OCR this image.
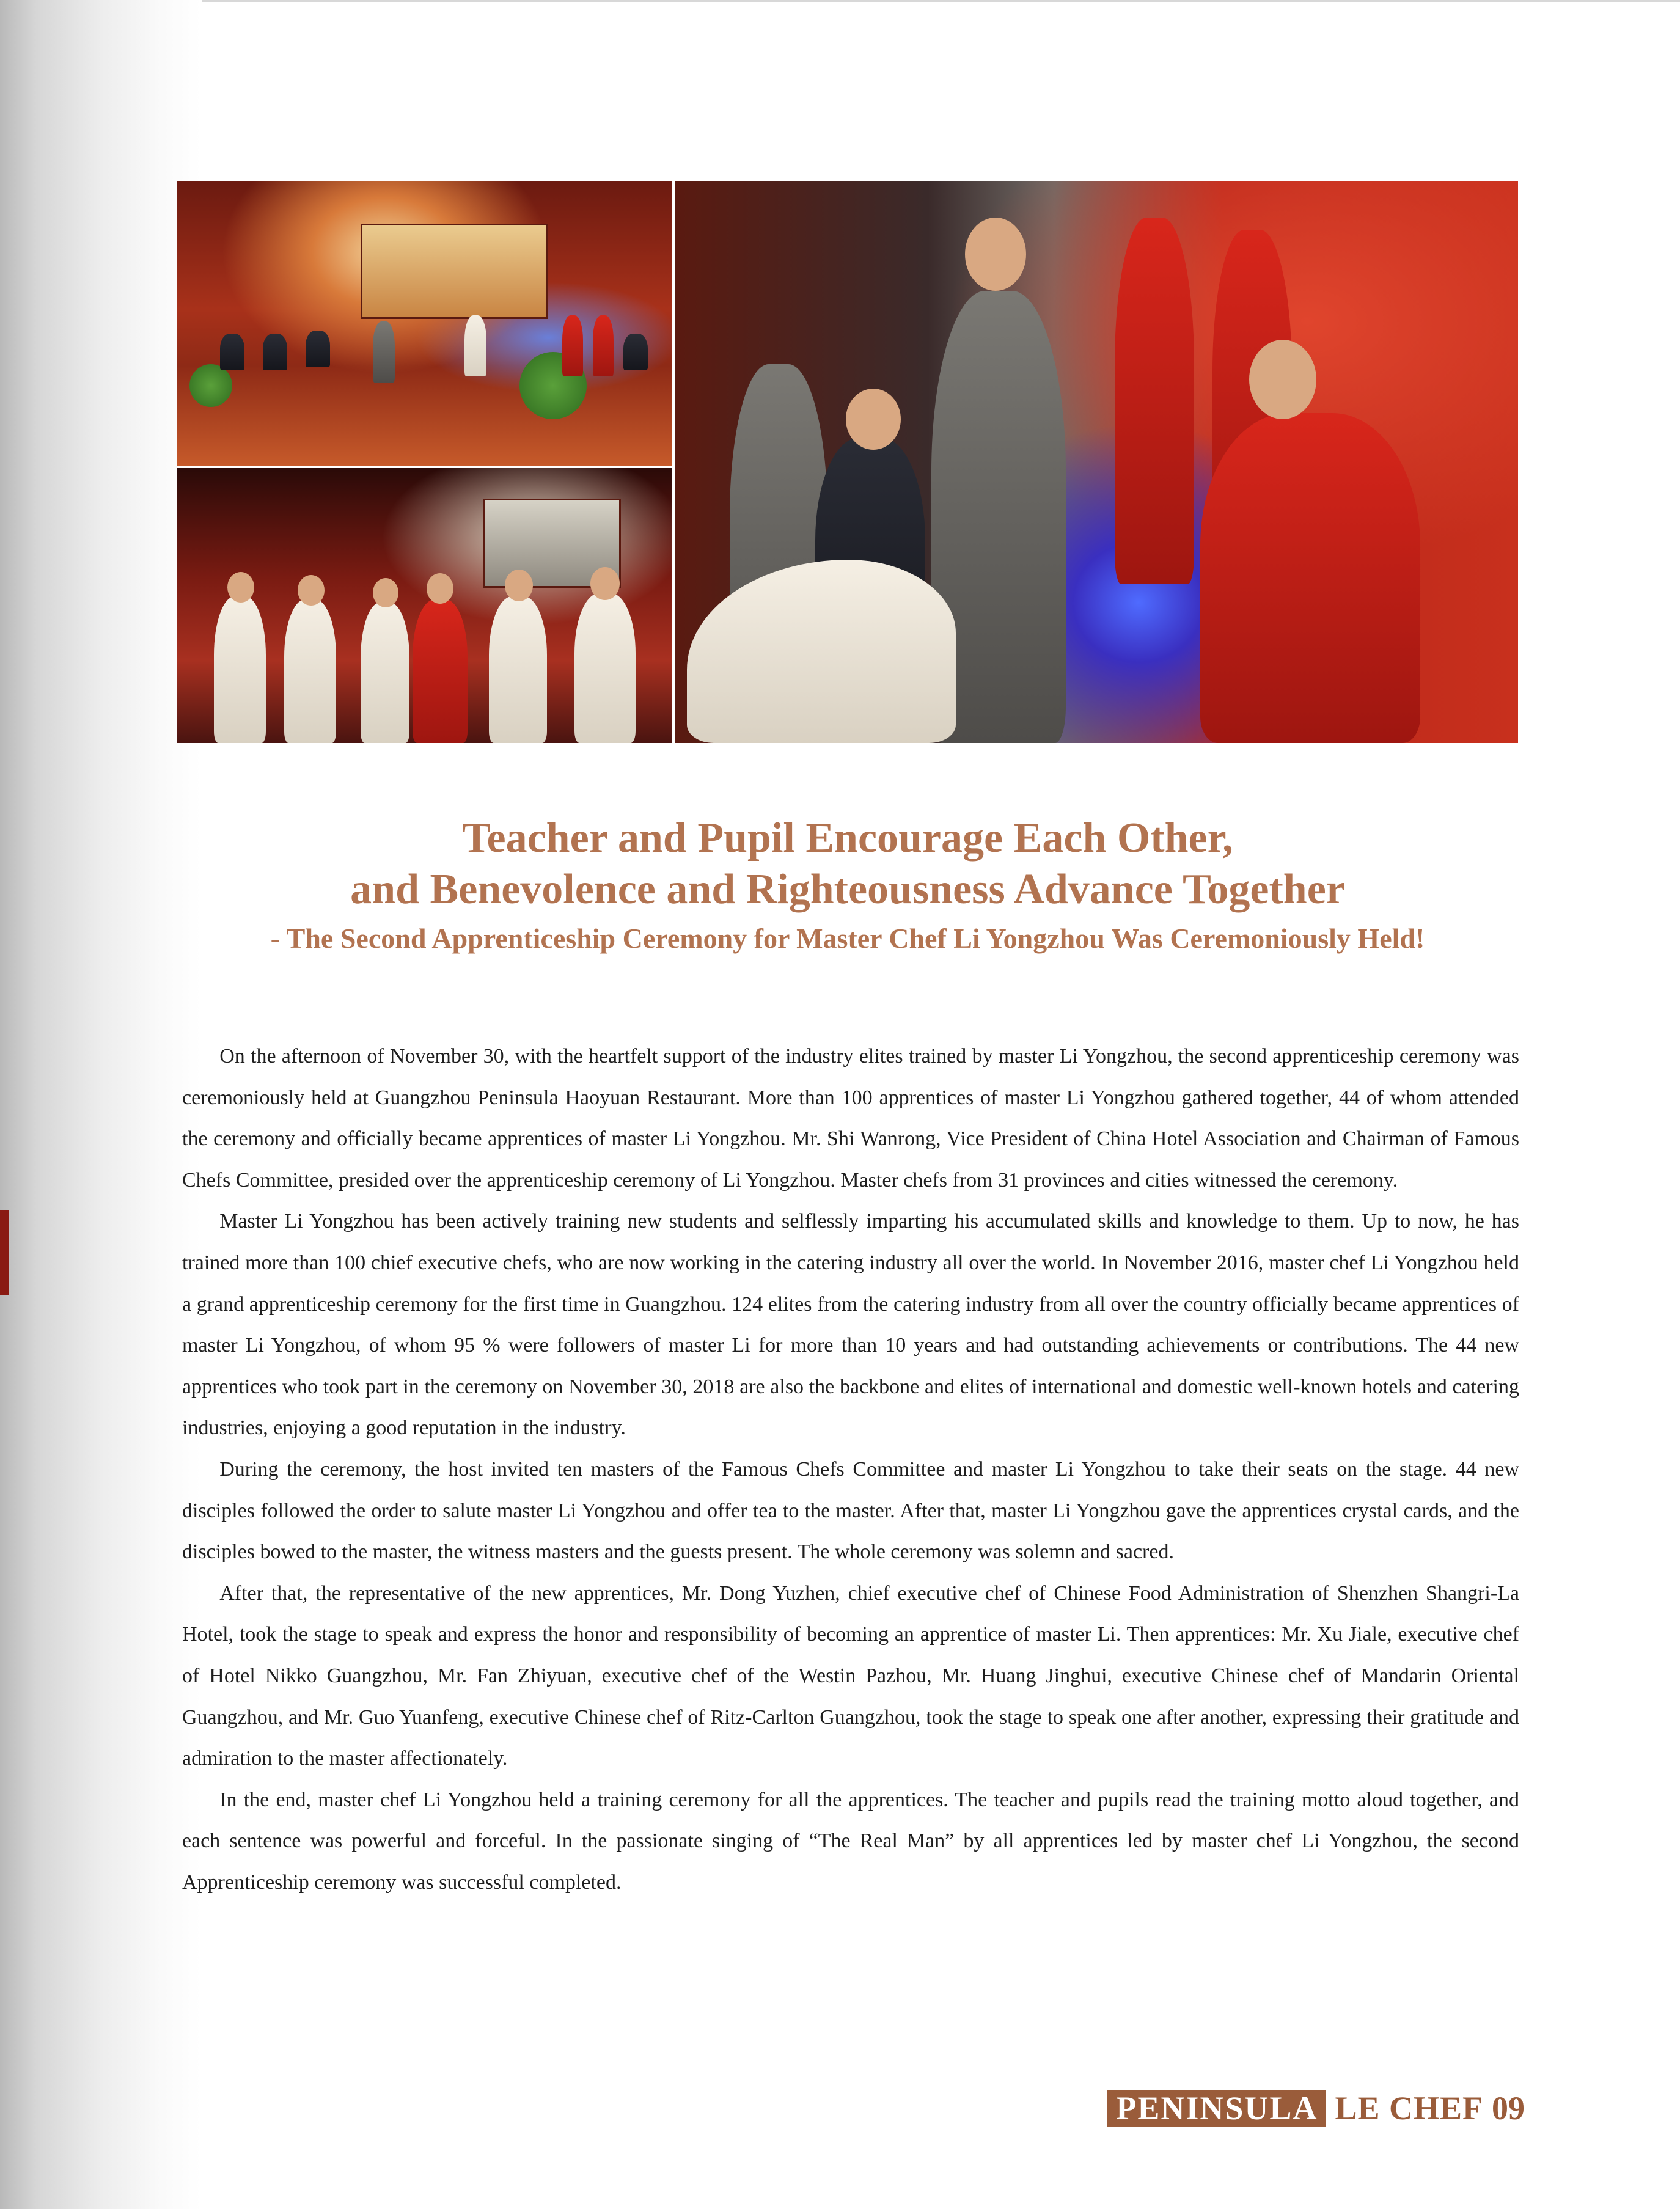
Teacher and Pupil Encourage Each Other,
and Benevolence and Righteousness Advance Together
- The Second Apprenticeship Ceremony for Master Chef Li Yongzhou Was Ceremoniously Held!

On the afternoon of November 30, with the heartfelt support of the industry elites trained by master Li Yongzhou, the second apprenticeship ceremony was ceremoniously held at Guangzhou Peninsula Haoyuan Restaurant. More than 100 apprentices of master Li Yongzhou gathered together, 44 of whom attended the ceremony and officially became apprentices of master Li Yongzhou. Mr. Shi Wanrong, Vice President of China Hotel Association and Chairman of Famous Chefs Committee, presided over the apprenticeship ceremony of Li Yongzhou. Master chefs from 31 provinces and cities witnessed the ceremony.

Master Li Yongzhou has been actively training new students and selflessly imparting his accumulated skills and knowledge to them. Up to now, he has trained more than 100 chief executive chefs, who are now working in the catering industry all over the world. In November 2016, master chef Li Yongzhou held a grand apprenticeship ceremony for the first time in Guangzhou. 124 elites from the catering industry from all over the country officially became apprentices of master Li Yongzhou, of whom 95 % were followers of master Li for more than 10 years and had outstanding achievements or contributions. The 44 new apprentices who took part in the ceremony on November 30, 2018 are also the backbone and elites of international and domestic well-known hotels and catering industries, enjoying a good reputation in the industry.

During the ceremony, the host invited ten masters of the Famous Chefs Committee and master Li Yongzhou to take their seats on the stage. 44 new disciples followed the order to salute master Li Yongzhou and offer tea to the master. After that, master Li Yongzhou gave the apprentices crystal cards, and the disciples bowed to the master, the witness masters and the guests present. The whole ceremony was solemn and sacred.

After that, the representative of the new apprentices, Mr. Dong Yuzhen, chief executive chef of Chinese Food Administration of Shenzhen Shangri-La Hotel, took the stage to speak and express the honor and responsibility of becoming an apprentice of master Li. Then apprentices: Mr. Xu Jiale, executive chef of Hotel Nikko Guangzhou, Mr. Fan Zhiyuan, executive chef of the Westin Pazhou, Mr. Huang Jinghui, executive Chinese chef of Mandarin Oriental Guangzhou, and Mr. Guo Yuanfeng, executive Chinese chef of Ritz-Carlton Guangzhou, took the stage to speak one after another, expressing their gratitude and admiration to the master affectionately.

In the end, master chef Li Yongzhou held a training ceremony for all the apprentices. The teacher and pupils read the training motto aloud together, and each sentence was powerful and forceful. In the passionate singing of “The Real Man” by all apprentices led by master chef Li Yongzhou, the second Apprenticeship ceremony was successful completed.

PENINSULA LE CHEF 09
